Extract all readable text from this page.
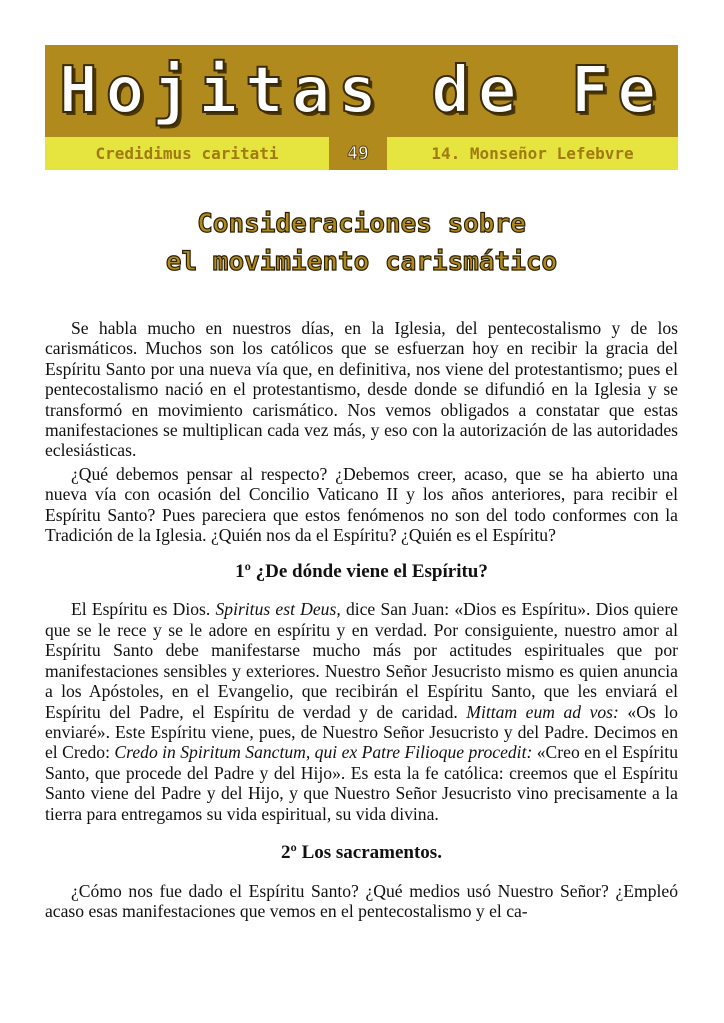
Hojitas de Fe
Credidimus caritati	49	14. Monseñor Lefebvre
Consideraciones sobre
el movimiento carismático

Se habla mucho en nuestros días, en la Iglesia, del pentecostalismo y de los carismáticos. Muchos son los católicos que se esfuerzan hoy en recibir la gracia del Espíritu Santo por una nueva vía que, en definitiva, nos viene del protestantismo; pues el pentecostalismo nació en el protestantismo, desde donde se difundió en la Iglesia y se transformó en movimiento carismático. Nos vemos obligados a constatar que estas manifestaciones se multiplican cada vez más, y eso con la autorización de las autoridades eclesiásticas.

¿Qué debemos pensar al respecto? ¿Debemos creer, acaso, que se ha abierto una nueva vía con ocasión del Concilio Vaticano II y los años anteriores, para recibir el Espíritu Santo? Pues pareciera que estos fenómenos no son del todo conformes con la Tradición de la Iglesia. ¿Quién nos da el Espíritu? ¿Quién es el Espíritu?

1º ¿De dónde viene el Espíritu?

El Espíritu es Dios. Spiritus est Deus, dice San Juan: «Dios es Espíritu». Dios quiere que se le rece y se le adore en espíritu y en verdad. Por consiguiente, nuestro amor al Espíritu Santo debe manifestarse mucho más por actitudes espirituales que por manifestaciones sensibles y exteriores. Nuestro Señor Jesucristo mismo es quien anuncia a los Apóstoles, en el Evangelio, que recibirán el Espíritu Santo, que les enviará el Espíritu del Padre, el Espíritu de verdad y de caridad. Mittam eum ad vos: «Os lo enviaré». Este Espíritu viene, pues, de Nuestro Señor Jesucristo y del Padre. Decimos en el Credo: Credo in Spiritum Sanctum, qui ex Patre Filioque procedit: «Creo en el Espíritu Santo, que procede del Padre y del Hijo». Es esta la fe católica: creemos que el Espíritu Santo viene del Padre y del Hijo, y que Nuestro Señor Jesucristo vino precisamente a la tierra para entregamos su vida espiritual, su vida divina.

2º Los sacramentos.

¿Cómo nos fue dado el Espíritu Santo? ¿Qué medios usó Nuestro Señor? ¿Empleó acaso esas manifestaciones que vemos en el pentecostalismo y el ca-
